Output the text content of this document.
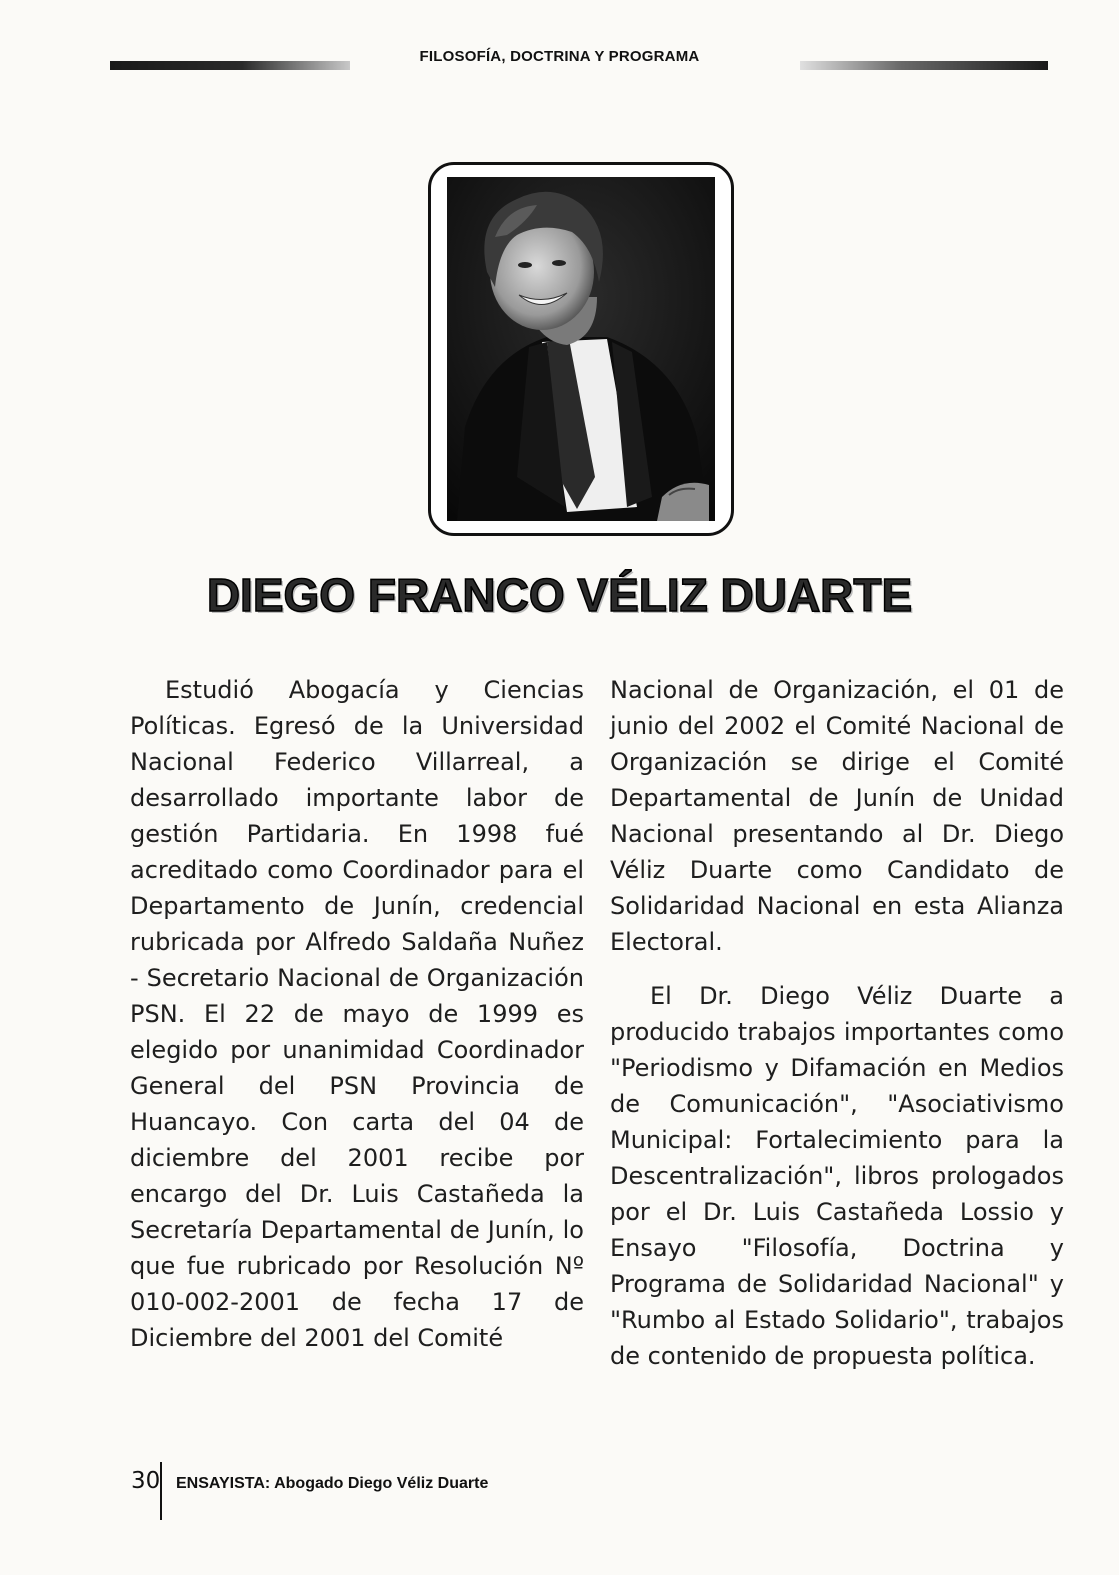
FILOSOFÍA, DOCTRINA Y PROGRAMA
DIEGO FRANCO VÉLIZ DUARTE

Estudió Abogacía y Ciencias Políticas. Egresó de la Universidad Nacional Federico Villarreal, a desarrollado importante labor de gestión Partidaria. En 1998 fué acreditado como Coordinador para el Departamento de Junín, credencial rubricada por Alfredo Saldaña Nuñez - Secretario Nacional de Organización PSN. El 22 de mayo de 1999 es elegido por unanimidad Coordinador General del PSN Provincia de Huancayo. Con carta del 04 de diciembre del 2001 recibe por encargo del Dr. Luis Castañeda la Secretaría Departamental de Junín, lo que fue rubricado por Resolución Nº 010-002-2001 de fecha 17 de Diciembre del 2001 del Comité

Nacional de Organización, el 01 de junio del 2002 el Comité Nacional de Organización se dirige el Comité Departamental de Junín de Unidad Nacional presentando al Dr. Diego Véliz Duarte como Candidato de Solidaridad Nacional en esta Alianza Electoral.

El Dr. Diego Véliz Duarte a producido trabajos importantes como "Periodismo y Difamación en Medios de Comunicación", "Asociativismo Municipal: Fortalecimiento para la Descentralización", libros prologados por el Dr. Luis Castañeda Lossio y Ensayo "Filosofía, Doctrina y Programa de Solidaridad Nacional" y "Rumbo al Estado Solidario", trabajos de contenido de propuesta política.

30 ENSAYISTA: Abogado Diego Véliz Duarte
